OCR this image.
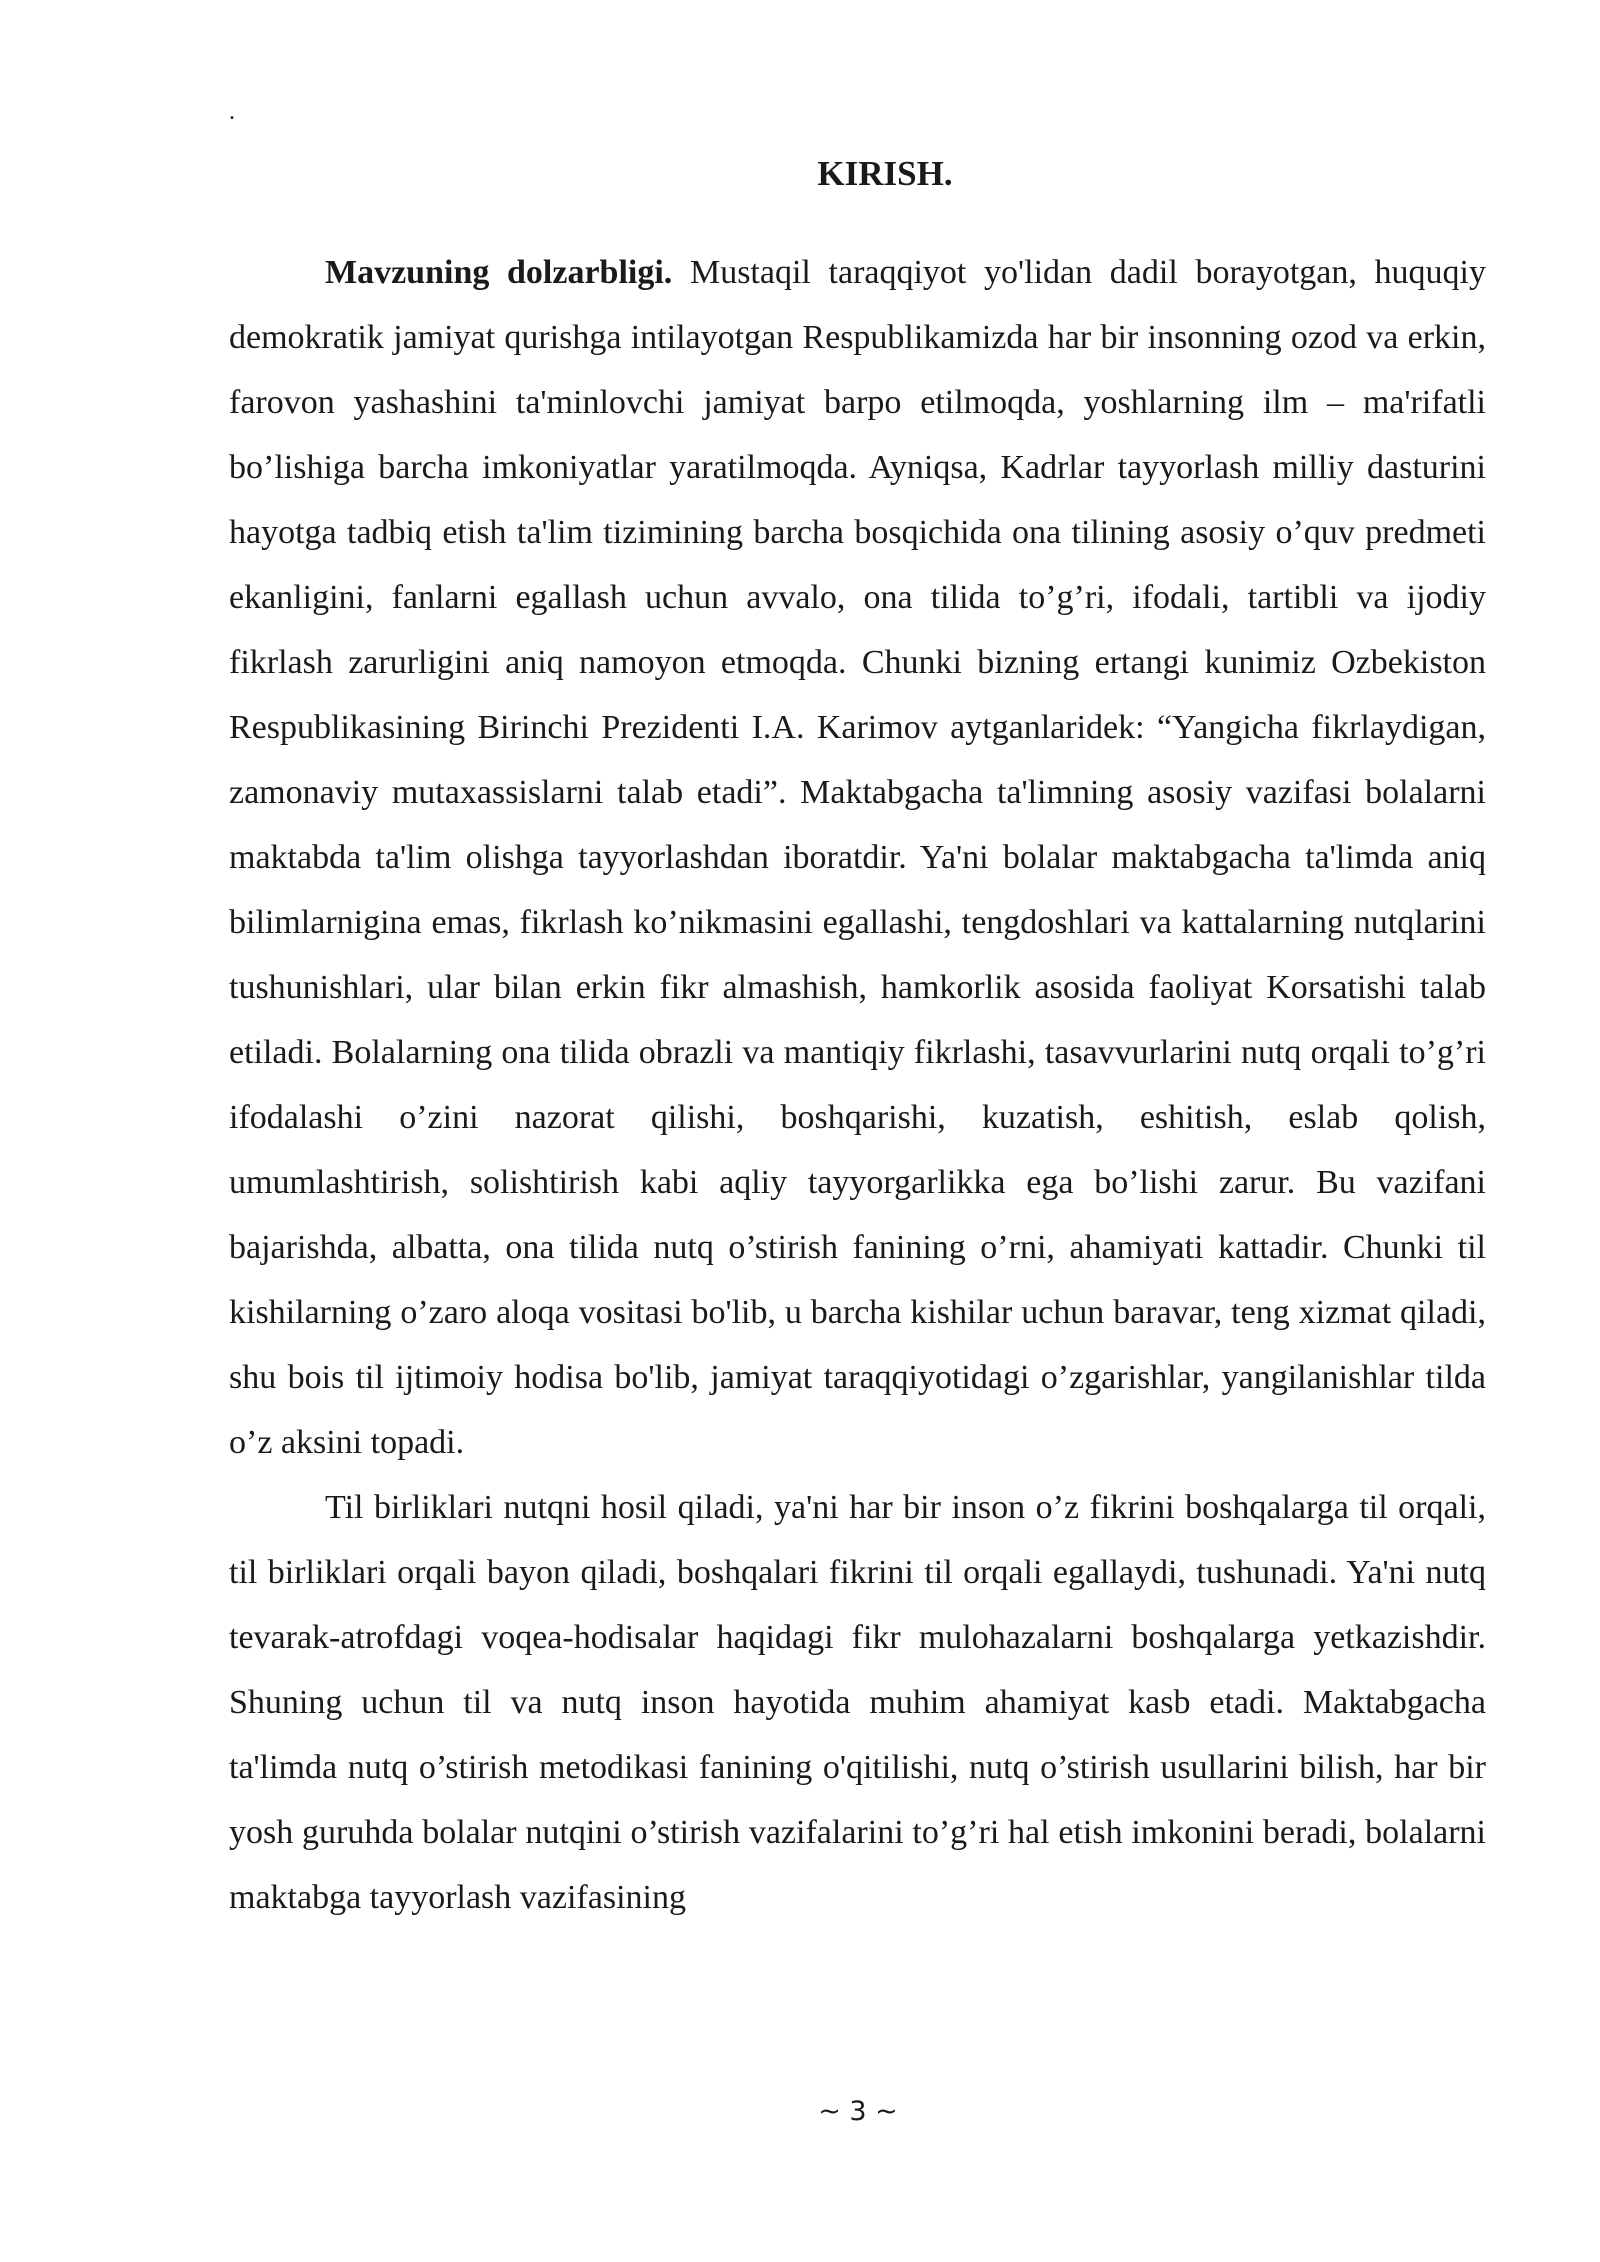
.
KIRISH.

Mavzuning dolzarbligi. Mustaqil taraqqiyot yo'lidan dadil borayotgan, huquqiy demokratik jamiyat qurishga intilayotgan Respublikamizda har bir insonning ozod va erkin, farovon yashashini ta'minlovchi jamiyat barpo etilmoqda, yoshlarning ilm – ma'rifatli bo’lishiga barcha imkoniyatlar yaratilmoqda. Ayniqsa, Kadrlar tayyorlash milliy dasturini hayotga tadbiq etish ta'lim tizimining barcha bosqichida ona tilining asosiy o’quv predmeti ekanligini, fanlarni egallash uchun avvalo, ona tilida to’g’ri, ifodali, tartibli va ijodiy fikrlash zarurligini aniq namoyon etmoqda. Chunki bizning ertangi kunimiz Ozbekiston Respublikasining Birinchi Prezidenti I.A. Karimov aytganlaridek: “Yangicha fikrlaydigan, zamonaviy mutaxassislarni talab etadi”. Maktabgacha ta'limning asosiy vazifasi bolalarni maktabda ta'lim olishga tayyorlashdan iboratdir. Ya'ni bolalar maktabgacha ta'limda aniq bilimlarnigina emas, fikrlash ko’nikmasini egallashi, tengdoshlari va kattalarning nutqlarini tushunishlari, ular bilan erkin fikr almashish, hamkorlik asosida faoliyat Korsatishi talab etiladi. Bolalarning ona tilida obrazli va mantiqiy fikrlashi, tasavvurlarini nutq orqali to’g’ri ifodalashi o’zini nazorat qilishi, boshqarishi, kuzatish, eshitish, eslab qolish, umumlashtirish, solishtirish kabi aqliy tayyorgarlikka ega bo’lishi zarur. Bu vazifani bajarishda, albatta, ona tilida nutq o’stirish fanining o’rni, ahamiyati kattadir. Chunki til kishilarning o’zaro aloqa vositasi bo'lib, u barcha kishilar uchun baravar, teng xizmat qiladi, shu bois til ijtimoiy hodisa bo'lib, jamiyat taraqqiyotidagi o’zgarishlar, yangilanishlar tilda o’z aksini topadi.

Til birliklari nutqni hosil qiladi, ya'ni har bir inson o’z fikrini boshqalarga til orqali, til birliklari orqali bayon qiladi, boshqalari fikrini til orqali egallaydi, tushunadi. Ya'ni nutq tevarak-atrofdagi voqea-hodisalar haqidagi fikr mulohazalarni boshqalarga yetkazishdir. Shuning uchun til va nutq inson hayotida muhim ahamiyat kasb etadi. Maktabgacha ta'limda nutq o’stirish metodikasi fanining o'qitilishi, nutq o’stirish usullarini bilish, har bir yosh guruhda bolalar nutqini o’stirish vazifalarini to’g’ri hal etish imkonini beradi, bolalarni maktabga tayyorlash vazifasining

~ 3 ~
